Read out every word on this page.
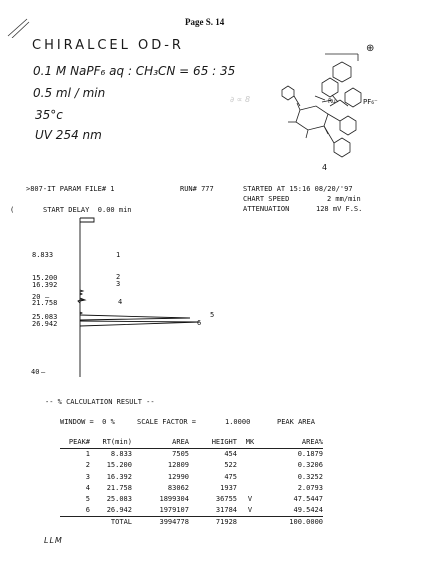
Page S. 14
CHIRALCEL OD-R
0.1 M NaPF₆ aq : CH₃CN = 65 : 35
0.5 ml / min
35°c
UV 254 nm
⊕
Ru	PF₆⁻
∂ ∝ 8
4
>807-IT PARAM FILE# 1	RUN# 777	STARTED AT 15:16 08/20/'97
CHART SPEED	2 mm/min
ATTENUATION	128 mV F.S.
START DELAY  0.00 min
(
8.833
15.200
16.392
20 —
21.758
25.083
26.942
40 —
1
2
3
4
5
6
-- % CALCULATION RESULT --
WINDOW =  0 %	SCALE FACTOR =	1.0000	PEAK AREA
PEAK#	RT(min)	AREA	HEIGHT	MK	AREA%
1	8.833	7505	454		0.1879
2	15.200	12809	522		0.3206
3	16.392	12990	475		0.3252
4	21.758	83062	1937		2.0793
5	25.083	1899304	36755	V	47.5447
6	26.942	1979107	31784	V	49.5424
	TOTAL	3994778	71928		100.0000
LLM
